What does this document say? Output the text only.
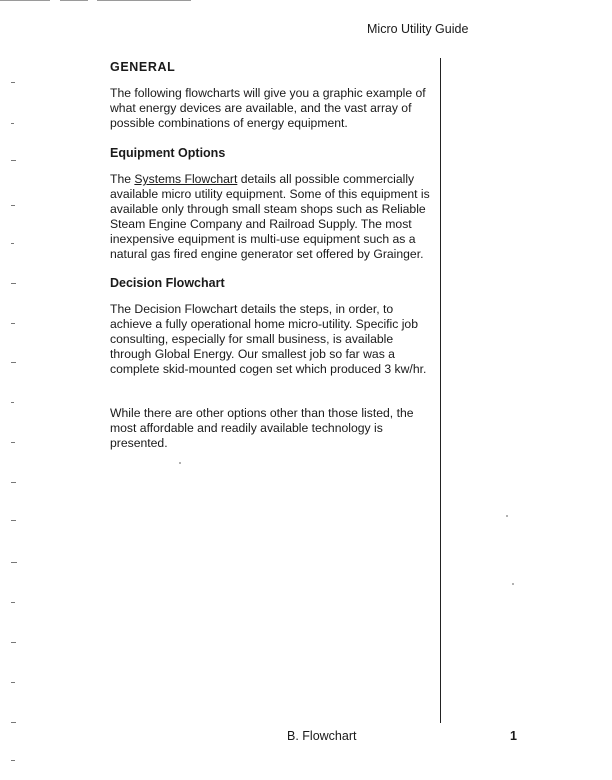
Micro Utility Guide
GENERAL

The following flowcharts will give you a graphic example of what energy devices are available, and the vast array of possible combinations of energy equipment.

Equipment Options

The Systems Flowchart details all possible commercially available micro utility equipment. Some of this equipment is available only through small steam shops such as Reliable Steam Engine Company and Railroad Supply. The most inexpensive equipment is multi-use equipment such as a natural gas fired engine generator set offered by Grainger.

Decision Flowchart

The Decision Flowchart details the steps, in order, to achieve a fully operational home micro-utility. Specific job consulting, especially for small business, is available through Global Energy. Our smallest job so far was a complete skid-mounted cogen set which produced 3 kw/hr.

While there are other options other than those listed, the most affordable and readily available technology is presented.

B. Flowchart	1
